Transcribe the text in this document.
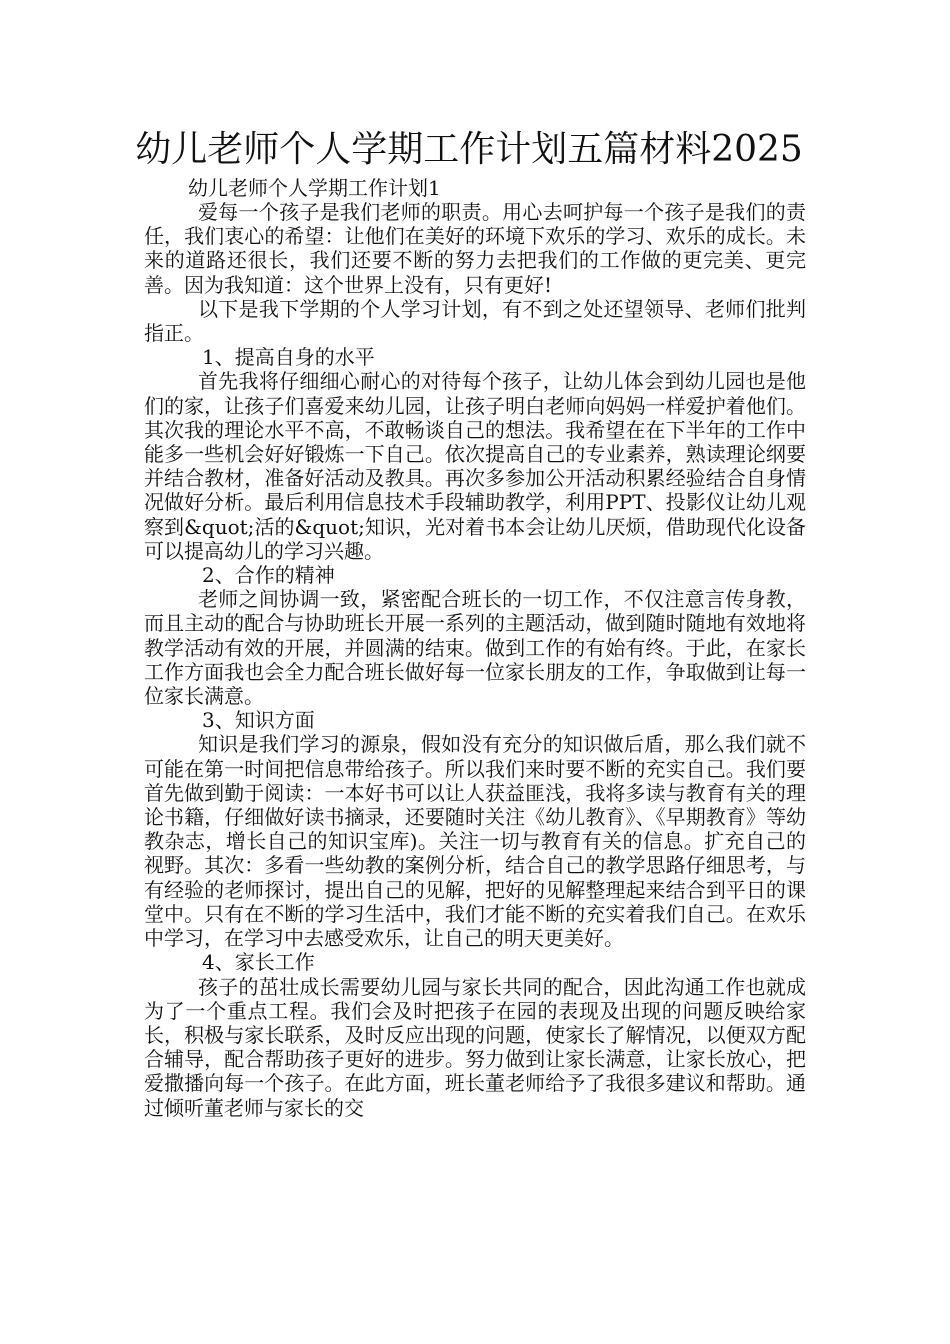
幼儿老师个人学期工作计划五篇材料2025
幼儿老师个人学期工作计划1

爱每一个孩子是我们老师的职责。用心去呵护每一个孩子是我们的责任，我们衷心的希望：让他们在美好的环境下欢乐的学习、欢乐的成长。未来的道路还很长，我们还要不断的努力去把我们的工作做的更完美、更完善。因为我知道：这个世界上没有，只有更好!

以下是我下学期的个人学习计划，有不到之处还望领导、老师们批判指正。

1、提高自身的水平

首先我将仔细细心耐心的对待每个孩子，让幼儿体会到幼儿园也是他们的家，让孩子们喜爱来幼儿园，让孩子明白老师向妈妈一样爱护着他们。其次我的理论水平不高，不敢畅谈自己的想法。我希望在在下半年的工作中能多一些机会好好锻炼一下自己。依次提高自己的专业素养，熟读理论纲要并结合教材，准备好活动及教具。再次多参加公开活动积累经验结合自身情况做好分析。最后利用信息技术手段辅助教学，利用PPT、投影仪让幼儿观察到&quot;活的&quot;知识，光对着书本会让幼儿厌烦，借助现代化设备可以提高幼儿的学习兴趣。

2、合作的精神

老师之间协调一致，紧密配合班长的一切工作，不仅注意言传身教，而且主动的配合与协助班长开展一系列的主题活动，做到随时随地有效地将教学活动有效的开展，并圆满的结束。做到工作的有始有终。于此，在家长工作方面我也会全力配合班长做好每一位家长朋友的工作，争取做到让每一位家长满意。

3、知识方面

知识是我们学习的源泉，假如没有充分的知识做后盾，那么我们就不可能在第一时间把信息带给孩子。所以我们来时要不断的充实自己。我们要首先做到勤于阅读：一本好书可以让人获益匪浅，我将多读与教育有关的理论书籍，仔细做好读书摘录，还要随时关注《幼儿教育》、《早期教育》等幼教杂志，增长自己的知识宝库)。关注一切与教育有关的信息。扩充自己的视野。其次：多看一些幼教的案例分析，结合自己的教学思路仔细思考，与有经验的老师探讨，提出自己的见解，把好的见解整理起来结合到平日的课堂中。只有在不断的学习生活中，我们才能不断的充实着我们自己。在欢乐中学习，在学习中去感受欢乐，让自己的明天更美好。

4、家长工作

孩子的茁壮成长需要幼儿园与家长共同的配合，因此沟通工作也就成为了一个重点工程。我们会及时把孩子在园的表现及出现的问题反映给家长，积极与家长联系，及时反应出现的问题，使家长了解情况，以便双方配合辅导，配合帮助孩子更好的进步。努力做到让家长满意，让家长放心，把爱撒播向每一个孩子。在此方面，班长董老师给予了我很多建议和帮助。通过倾听董老师与家长的交
